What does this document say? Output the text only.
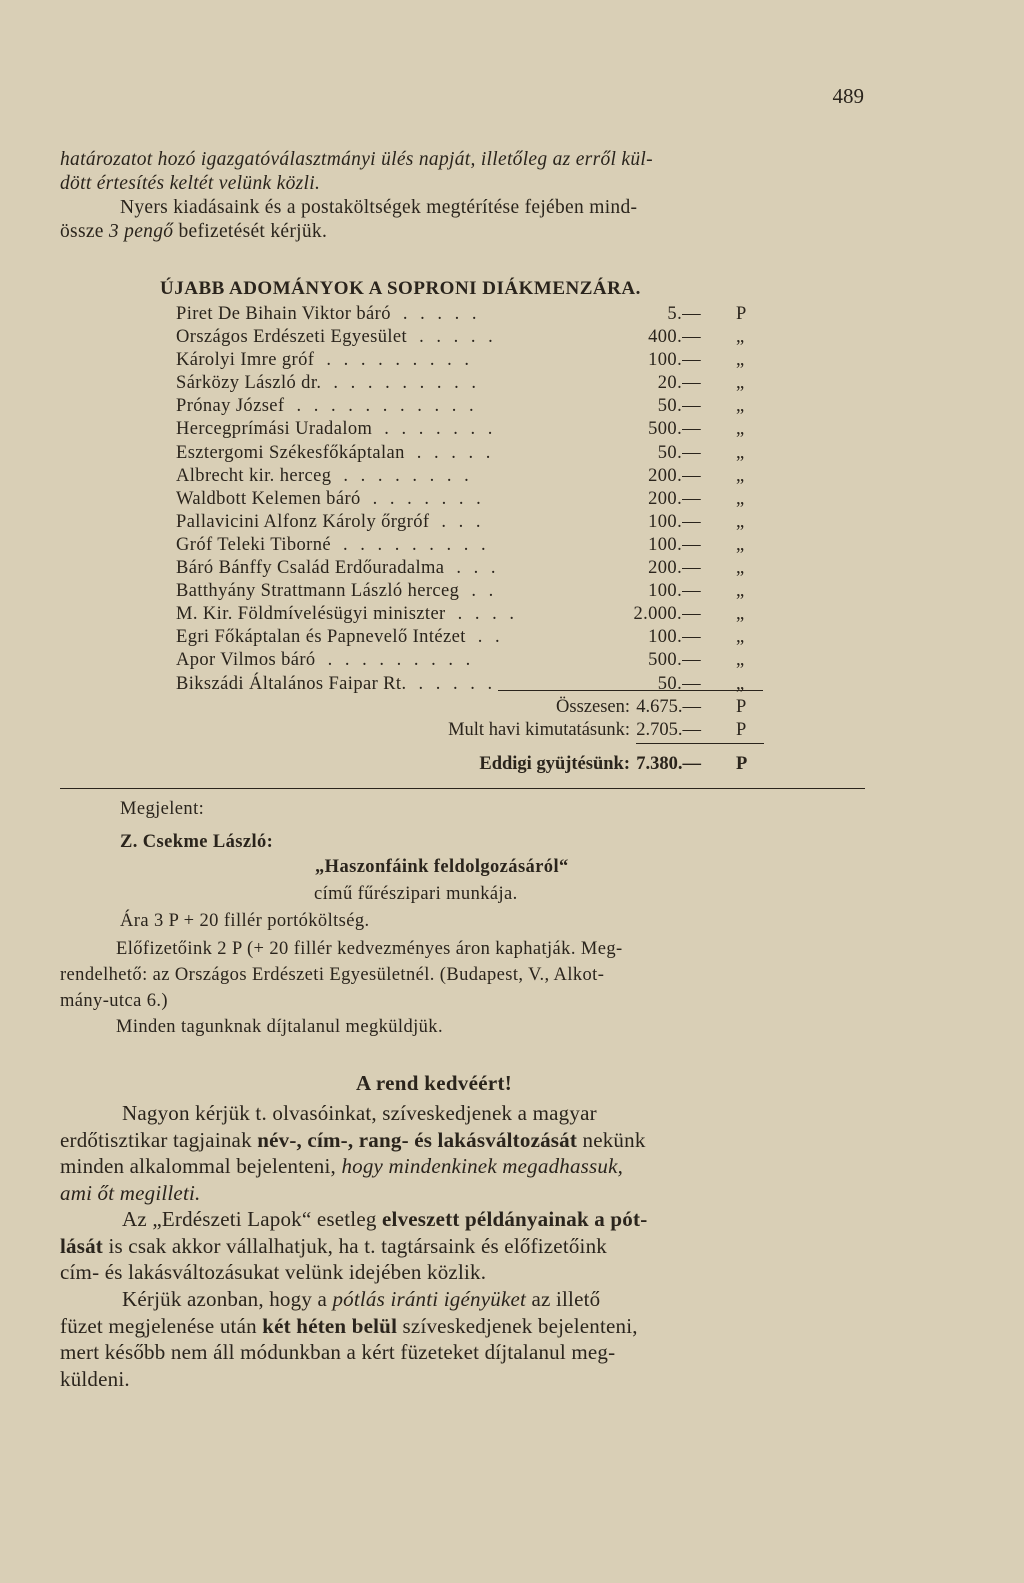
489
határozatot hozó igazgatóválasztmányi ülés napját, illetőleg az erről kül-
dött értesítés keltét velünk közli.
Nyers kiadásaink és a postaköltségek megtérítése fejében mind-
össze 3 pengő befizetését kérjük.
ÚJABB ADOMÁNYOK A SOPRONI DIÁKMENZÁRA.
Piret De Bihain Viktor báró . . . . .	5.— P
Országos Erdészeti Egyesület . . . . .	400.— „
Károlyi Imre gróf . . . . . . . . .	100.— „
Sárközy László dr. . . . . . . . . .	20.— „
Prónay József . . . . . . . . . . .	50.— „
Hercegprímási Uradalom . . . . . . .	500.— „
Esztergomi Székesfőkáptalan . . . . .	50.— „
Albrecht kir. herceg . . . . . . . .	200.— „
Waldbott Kelemen báró . . . . . . .	200.— „
Pallavicini Alfonz Károly őrgróf . . .	100.— „
Gróf Teleki Tiborné . . . . . . . . .	100.— „
Báró Bánffy Család Erdőuradalma . . .	200.— „
Batthyány Strattmann László herceg . .	100.— „
M. Kir. Földmívelésügyi miniszter . . . .	2.000.— „
Egri Főkáptalan és Papnevelő Intézet . .	100.— „
Apor Vilmos báró . . . . . . . . .	500.— „
Bikszádi Általános Faipar Rt. . . . . .	50.— „
Összesen: 4.675.— P
Mult havi kimutatásunk: 2.705.— P
Eddigi gyüjtésünk: 7.380.— P
Megjelent:
Z. Csekme László:
„Haszonfáink feldolgozásáról“
című fűrészipari munkája.
Ára 3 P + 20 fillér portóköltség.
Előfizetőink 2 P (+ 20 fillér kedvezményes áron kaphatják. Meg-
rendelhető: az Országos Erdészeti Egyesületnél. (Budapest, V., Alkot-
mány-utca 6.)
Minden tagunknak díjtalanul megküldjük.
A rend kedvéért!
Nagyon kérjük t. olvasóinkat, szíveskedjenek a magyar
erdőtisztikar tagjainak név-, cím-, rang- és lakásváltozását nekünk
minden alkalommal bejelenteni, hogy mindenkinek megadhassuk,
ami őt megilleti.
Az „Erdészeti Lapok“ esetleg elveszett példányainak a pót-
lását is csak akkor vállalhatjuk, ha t. tagtársaink és előfizetőink
cím- és lakásváltozásukat velünk idejében közlik.
Kérjük azonban, hogy a pótlás iránti igényüket az illető
füzet megjelenése után két héten belül szíveskedjenek bejelenteni,
mert később nem áll módunkban a kért füzeteket díjtalanul meg-
küldeni.
